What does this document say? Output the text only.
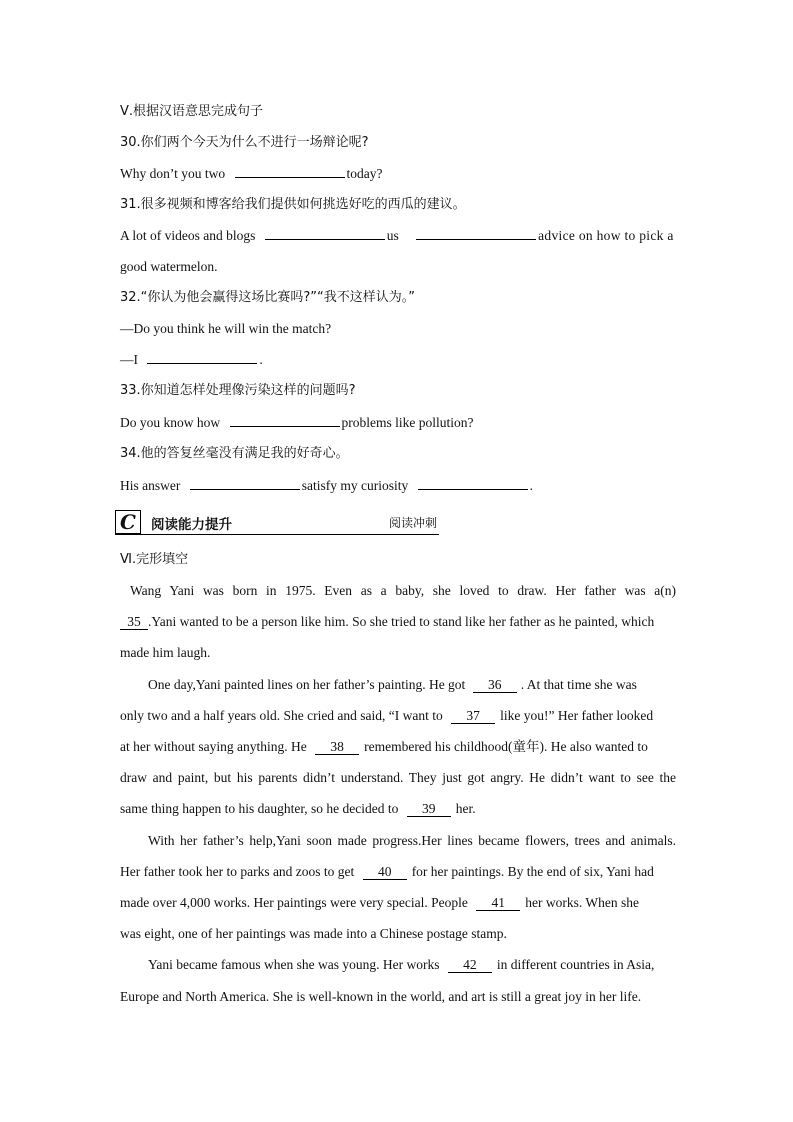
Ⅴ.根据汉语意思完成句子
30.你们两个今天为什么不进行一场辩论呢?
Why don’t you two	today?
31.很多视频和博客给我们提供如何挑选好吃的西瓜的建议。
A lot of videos and blogs	us	advice on how to pick a
good watermelon.
32.“你认为他会赢得这场比赛吗?”“我不这样认为。”
—Do you think he will win the match?
—I	.
33.你知道怎样处理像污染这样的问题吗?
Do you know how	problems like pollution?
34.他的答复丝毫没有满足我的好奇心。
His answer	satisfy my curiosity	.
Ⅵ.完形填空
Wang Yani was born in 1975. Even as a baby, she loved to draw. Her father was a(n)
35 .Yani wanted to be a person like him. So she tried to stand like her father as he painted, which
made him laugh.
One day,Yani painted lines on her father’s painting. He got 36 . At that time she was
only two and a half years old. She cried and said, “I want to 37 like you!” Her father looked
at her without saying anything. He 38 remembered his childhood(童年). He also wanted to
draw and paint, but his parents didn’t understand. They just got angry. He didn’t want to see the
same thing happen to his daughter, so he decided to 39 her.
With her father’s help,Yani soon made progress.Her lines became flowers, trees and animals.
Her father took her to parks and zoos to get 40 for her paintings. By the end of six, Yani had
made over 4,000 works. Her paintings were very special. People 41 her works. When she
was eight, one of her paintings was made into a Chinese postage stamp.
Yani became famous when she was young. Her works 42 in different countries in Asia,
Europe and North America. She is well-known in the world, and art is still a great joy in her life.
C	阅读能力提升	阅读冲刺
